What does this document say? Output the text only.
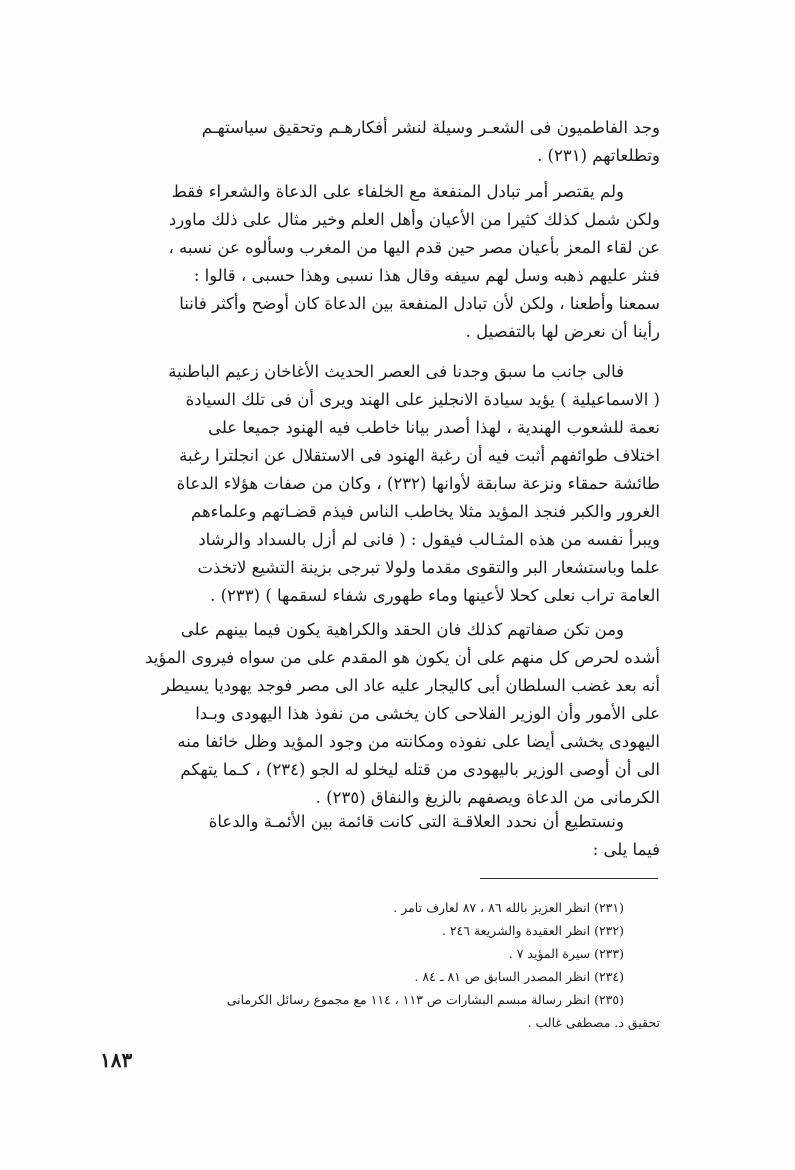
وجد الفاطميون فى الشعـر وسيلة لنشر أفكارهـم وتحقيق سياستهـم
وتطلعاتهم (٢٣١) .
ولم يقتصر أمر تبادل المنفعة مع الخلفاء على الدعاة والشعراء فقط
ولكن شمل كذلك كثيرا من الأعيان وأهل العلم وخير مثال على ذلك ماورد
عن لقاء المعز بأعيان مصر حين قدم اليها من المغرب وسألوه عن نسبه ،
فنثر عليهم ذهبه وسل لهم سيفه وقال هذا نسبى وهذا حسبى ، قالوا :
سمعنا وأطعنا ، ولكن لأن تبادل المنفعة بين الدعاة كان أوضح وأكثر فاننا
رأينا أن نعرض لها بالتفصيل .
فالى جانب ما سبق وجدنا فى العصر الحديث الأغاخان زعيم الباطنية
( الاسماعيلية ) يؤيد سيادة الانجليز على الهند ويرى أن فى تلك السيادة
نعمة للشعوب الهندية ، لهذا أصدر بيانا خاطب فيه الهنود جميعا على
اختلاف طوائفهم أثبت فيه أن رغبة الهنود فى الاستقلال عن انجلترا رغبة
طائشة حمقاء ونزعة سابقة لأوانها (٢٣٢) ، وكان من صفات هؤلاء الدعاة
الغرور والكبر فنجد المؤيد مثلا يخاطب الناس فيذم قضـاتهم وعلماءهم
ويبرأ نفسه من هذه المثـالب فيقول : ( فانى لم أزل بالسداد والرشاد
علما وباستشعار البر والتقوى مقدما ولولا تبرجى بزينة التشيع لاتخذت
العامة تراب نعلى كحلا لأعينها وماء طهورى شفاء لسقمها ) (٢٣٣) .
ومن تكن صفاتهم كذلك فان الحقد والكراهية يكون فيما بينهم على
أشده لحرص كل منهم على أن يكون هو المقدم على من سواه فيروى المؤيد
أنه بعد غضب السلطان أبى كاليجار عليه عاد الى مصر فوجد يهوديا يسيطر
على الأمور وأن الوزير الفلاحى كان يخشى من نفوذ هذا اليهودى وبـدا
اليهودى يخشى أيضا على نفوذه ومكانته من وجود المؤيد وظل خائفا منه
الى أن أوصى الوزير باليهودى من قتله ليخلو له الجو (٢٣٤) ، كـما يتهكم
الكرمانى من الدعاة ويصفهم بالزيغ والنفاق (٢٣٥) .
ونستطيع أن نحدد العلاقـة التى كانت قائمة بين الأئمـة والدعاة
فيما يلى :
(٢٣١) انظر العزيز بالله ٨٦ ، ٨٧ لعارف تامر .
(٢٣٢) انظر العقيدة والشريعة ٢٤٦ .
(٢٣٣) سيرة المؤيد ٧ .
(٢٣٤) انظر المصدر السابق ص ٨١ ـ ٨٤ .
(٢٣٥) انظر رسالة مبسم البشارات ص ١١٣ ، ١١٤ مع مجموع رسائل الكرمانى
تحقيق د. مصطفى غالب .
١٨٣
